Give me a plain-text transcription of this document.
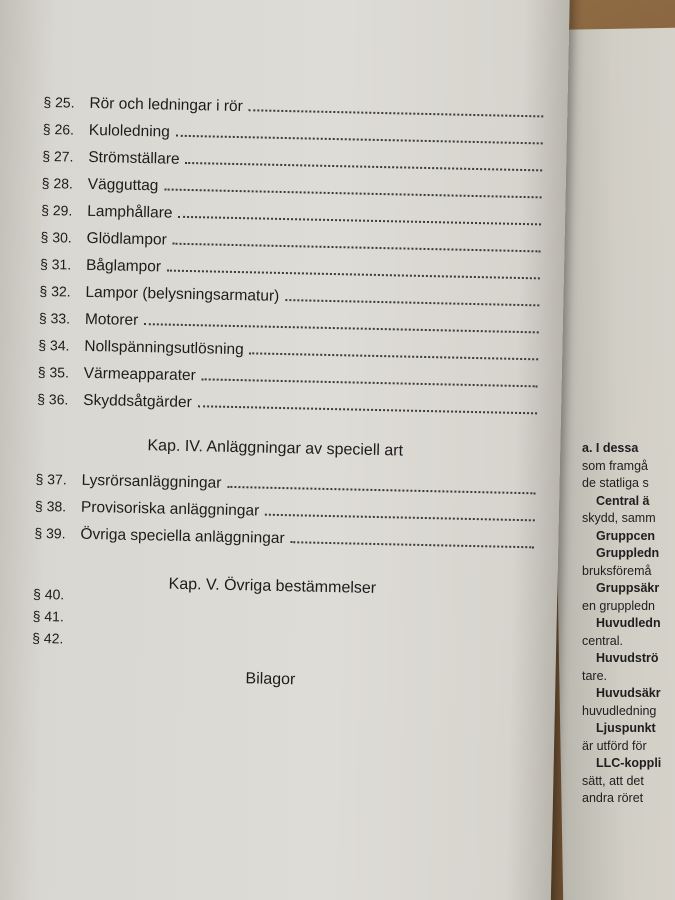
a. I dessa
som framgå
de statliga s
Central ä
skydd, samm
Gruppcen
Gruppledn
bruksföremå
Gruppsäkr
en gruppledn
Huvudledn
central.
Huvudströ
tare.
Huvudsäkr
huvudledning
Ljuspunkt
är utförd för
LLC-koppli
sätt, att det
andra röret
§ 25. Rör och ledningar i rör
§ 26. Kuloledning
§ 27. Strömställare
§ 28. Vägguttag
§ 29. Lamphållare
§ 30. Glödlampor
§ 31. Båglampor
§ 32. Lampor (belysningsarmatur)
§ 33. Motorer
§ 34. Nollspänningsutlösning
§ 35. Värmeapparater
§ 36. Skyddsåtgärder
Kap. IV. Anläggningar av speciell art
§ 37. Lysrörsanläggningar
§ 38. Provisoriska anläggningar
§ 39. Övriga speciella anläggningar
Kap. V. Övriga bestämmelser
§ 40.
§ 41.
§ 42.
Bilagor
